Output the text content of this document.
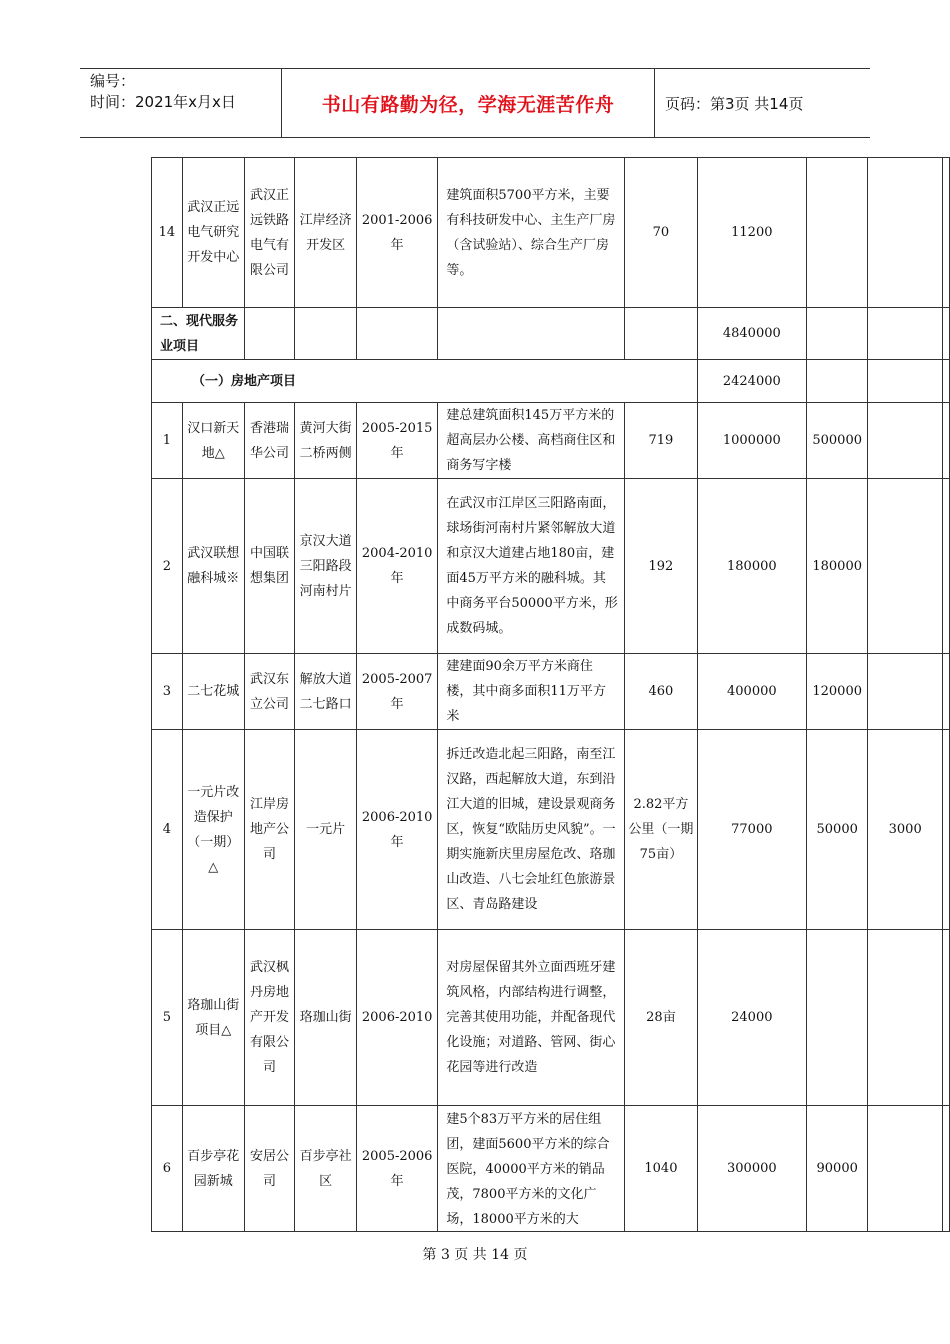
编号：
时间：2021年x月x日	书山有路勤为径，学海无涯苦作舟	页码：第3页 共14页
14	武汉正远电气研究开发中心	武汉正远铁路电气有限公司	江岸经济开发区	2001-2006年	建筑面积5700平方米，主要有科技研发中心、主生产厂房（含试验站）、综合生产厂房等。	70	11200			
二、现代服务业项目							4840000			
（一）房地产项目							2424000			
1	汉口新天地△	香港瑞华公司	黄河大街二桥两侧	2005-2015年	建总建筑面积145万平方米的超高层办公楼、高档商住区和商务写字楼	719	1000000	500000		
2	武汉联想融科城※	中国联想集团	京汉大道三阳路段河南村片	2004-2010年	在武汉市江岸区三阳路南面，球场街河南村片紧邻解放大道和京汉大道建占地180亩，建面45万平方米的融科城。其中商务平台50000平方米，形成数码城。	192	180000	180000		
3	二七花城	武汉东立公司	解放大道二七路口	2005-2007年	建建面90余万平方米商住楼，其中商多面积11万平方米	460	400000	120000		
4	一元片改造保护（一期）△	江岸房地产公司	一元片	2006-2010年	拆迁改造北起三阳路，南至江汉路，西起解放大道，东到沿江大道的旧城，建设景观商务区，恢复“欧陆历史风貌”。一期实施新庆里房屋危改、珞珈山改造、八七会址红色旅游景区、青岛路建设	2.82平方公里（一期75亩）	77000	50000	3000	
5	珞珈山街项目△	武汉枫丹房地产开发有限公司	珞珈山街	2006-2010	对房屋保留其外立面西班牙建筑风格，内部结构进行调整，完善其使用功能，并配备现代化设施；对道路、管网、街心花园等进行改造	28亩	24000			
6	百步亭花园新城	安居公司	百步亭社区	2005-2006年	建5个83万平方米的居住组团，建面5600平方米的综合医院，40000平方米的销品茂，7800平方米的文化广场，18000平方米的大	1040	300000	90000		
第 3 页 共 14 页
